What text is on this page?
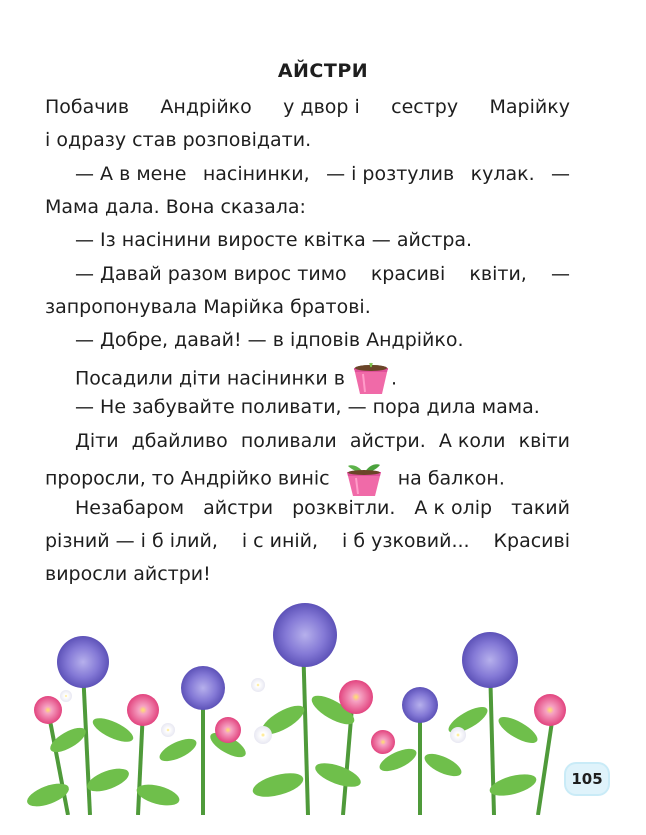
АЙСТРИ
Побачив Андрійко у двор і сестру Марійку
і одразу став розповідати.
— А в мене насінинки, — і розтулив кулак. —
Мама дала. Вона сказала:
— Із насінини виросте квітка — айстра.
— Давай разом вирос тимо красиві квіти, —
запропонувала Марійка братові.
— Добре, давай! — в ідповів Андрійко.
Посадили діти насінинки в .
— Не забувайте поливати, — пора дила мама.
Діти дбайливо поливали айстри. А коли квіти
проросли, то Андрійко виніс	на балкон.
Незабаром айстри розквітли. А к олір такий
різний — і б ілий, і с иній, і б узковий... Красиві
виросли айстри!
105
